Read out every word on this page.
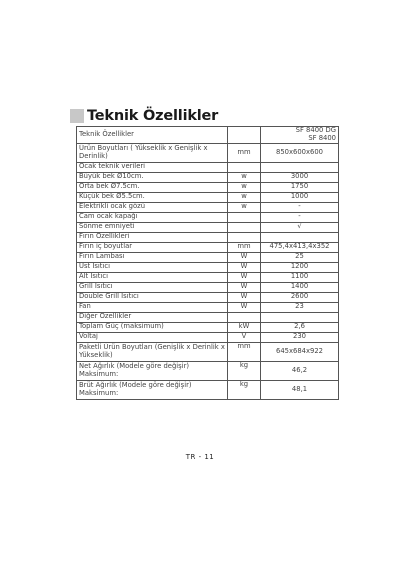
Teknik Özellikler
Teknik Özellikler		SF 8400 DG
SF 8400

Ürün Boyutları ( Yükseklik x Genişlik x Derinlik)	mm	850x600x600
Ocak teknik verileri		
Büyük bek Ø10cm.	w	3000
Orta bek Ø7.5cm.	w	1750
Küçük bek Ø5.5cm.	w	1000
Elektrikli ocak gözü	w	-
Cam ocak kapağı		-
Sönme emniyeti		√
Fırın Özellikleri		
Fırın iç boyutlar	mm	475,4x413,4x352
Fırın Lambası	W	25
Üst Isıtıcı	W	1200
Alt Isıtıcı	W	1100
Grill Isıtıcı	W	1400
Double Grill Isıtıcı	W	2600
Fan	W	23
Diğer Özellikler		
Toplam Güç (maksimum)	kW	2,6
Voltaj	V	230
Paketli Ürün Boyutları (Genişlik x Derinlik x Yükseklik)	mm	645x684x922
Net Ağırlık (Modele göre değişir) Maksimum:	kg	46,2
Brüt Ağırlık (Modele göre değişir) Maksimum:	kg	48,1
TR - 11
